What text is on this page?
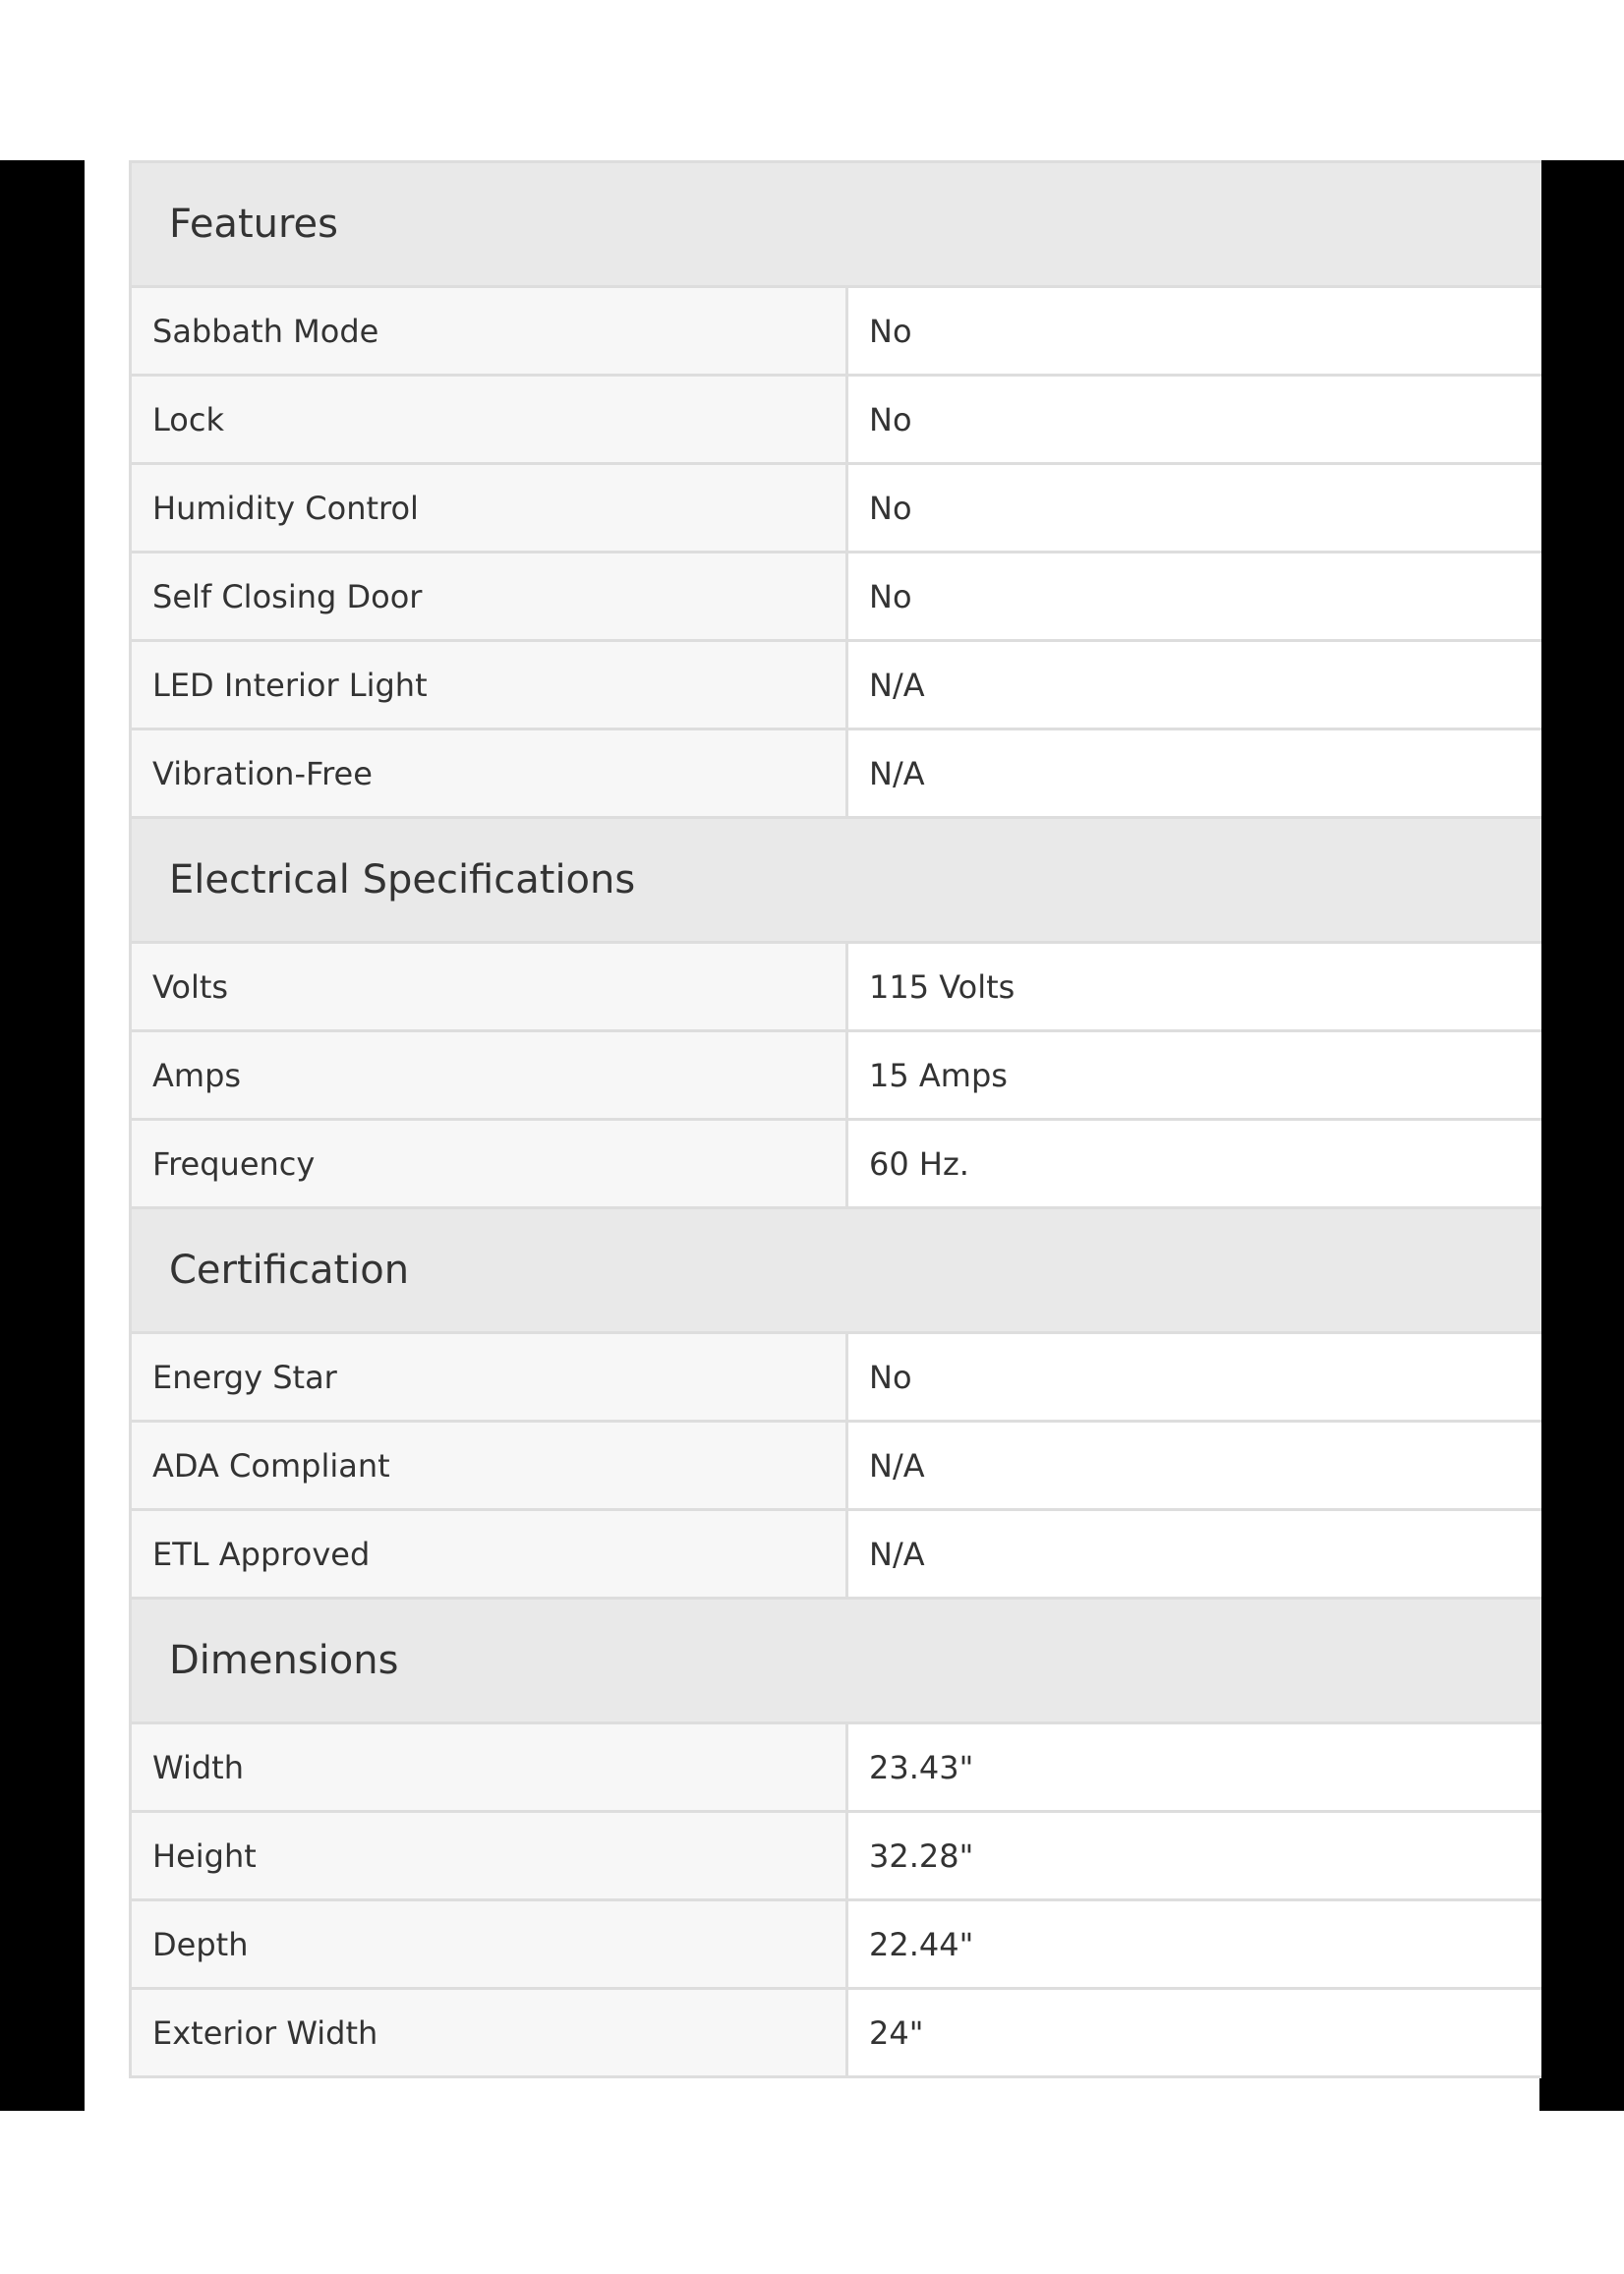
Features	
Sabbath Mode	No
Lock	No
Humidity Control	No
Self Closing Door	No
LED Interior Light	N/A
Vibration-Free	N/A
Electrical Specifications	
Volts	115 Volts
Amps	15 Amps
Frequency	60 Hz.
Certification	
Energy Star	No
ADA Compliant	N/A
ETL Approved	N/A
Dimensions	
Width	23.43"
Height	32.28"
Depth	22.44"
Exterior Width	24"
